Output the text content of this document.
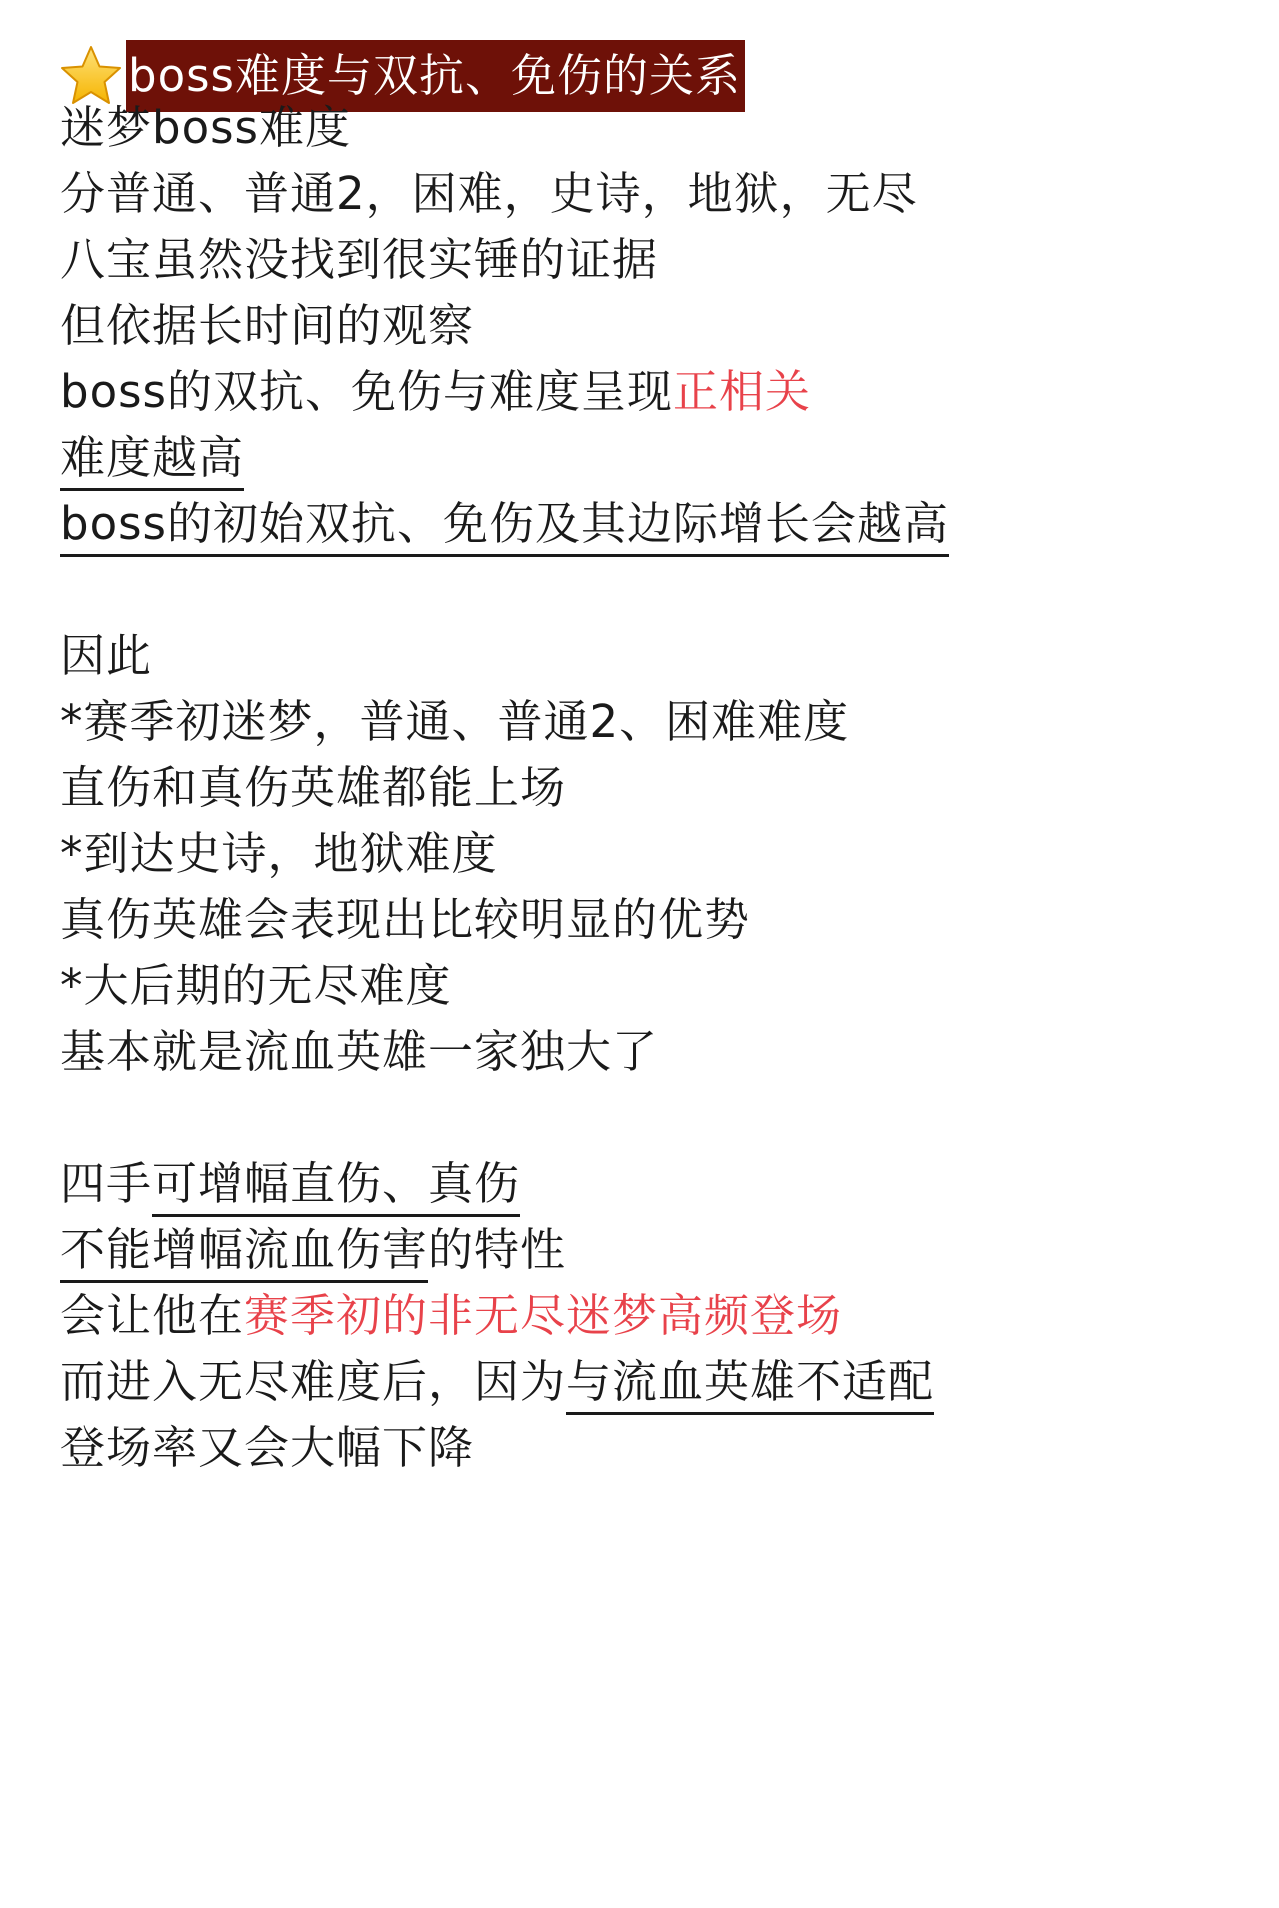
boss难度与双抗、免伤的关系
迷梦boss难度
分普通、普通2，困难，史诗，地狱，无尽
八宝虽然没找到很实锤的证据
但依据长时间的观察
boss的双抗、免伤与难度呈现正相关
难度越高
boss的初始双抗、免伤及其边际增长会越高
因此
*赛季初迷梦，普通、普通2、困难难度
直伤和真伤英雄都能上场
*到达史诗，地狱难度
真伤英雄会表现出比较明显的优势
*大后期的无尽难度
基本就是流血英雄一家独大了
四手可增幅直伤、真伤
不能增幅流血伤害的特性
会让他在赛季初的非无尽迷梦高频登场
而进入无尽难度后，因为与流血英雄不适配
登场率又会大幅下降
